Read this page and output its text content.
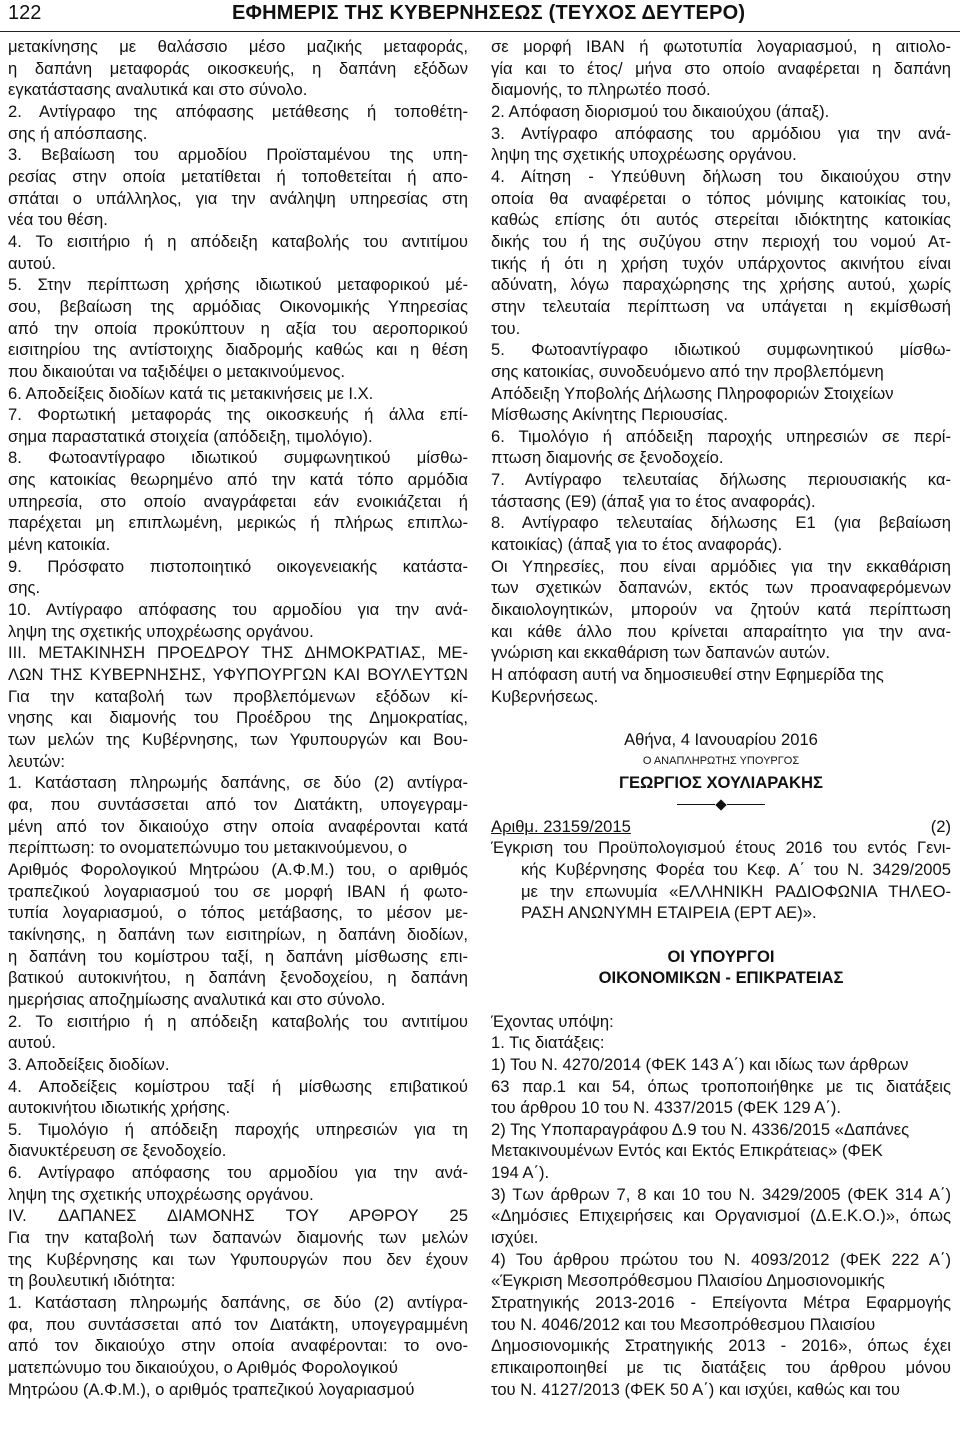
122	ΕΦΗΜΕΡΙΣ ΤΗΣ ΚΥΒΕΡΝΗΣΕΩΣ (ΤΕΥΧΟΣ ΔΕΥΤΕΡΟ)
μετακίνησης με θαλάσσιο μέσο μαζικής μεταφοράς,
η δαπάνη μεταφοράς οικοσκευής, η δαπάνη εξόδων
εγκατάστασης αναλυτικά και στο σύνολο.
2. Αντίγραφο της απόφασης μετάθεσης ή τοποθέτη-
σης ή απόσπασης.
3. Βεβαίωση του αρμοδίου Προϊσταμένου της υπη-
ρεσίας στην οποία μετατίθεται ή τοποθετείται ή απο-
σπάται ο υπάλληλος, για την ανάληψη υπηρεσίας στη
νέα του θέση.
4. Το εισιτήριο ή η απόδειξη καταβολής του αντιτίμου
αυτού.
5. Στην περίπτωση χρήσης ιδιωτικού μεταφορικού μέ-
σου, βεβαίωση της αρμόδιας Οικονομικής Υπηρεσίας
από την οποία προκύπτουν η αξία του αεροπορικού
εισιτηρίου της αντίστοιχης διαδρομής καθώς και η θέση
που δικαιούται να ταξιδέψει ο μετακινούμενος.
6. Αποδείξεις διοδίων κατά τις μετακινήσεις με Ι.Χ.
7. Φορτωτική μεταφοράς της οικοσκευής ή άλλα επί-
σημα παραστατικά στοιχεία (απόδειξη, τιμολόγιο).
8. Φωτοαντίγραφο ιδιωτικού συμφωνητικού μίσθω-
σης κατοικίας θεωρημένο από την κατά τόπο αρμόδια
υπηρεσία, στο οποίο αναγράφεται εάν ενοικιάζεται ή
παρέχεται μη επιπλωμένη, μερικώς ή πλήρως επιπλω-
μένη κατοικία.
9. Πρόσφατο πιστοποιητικό οικογενειακής κατάστα-
σης.
10. Αντίγραφο απόφασης του αρμοδίου για την ανά-
ληψη της σχετικής υποχρέωσης οργάνου.
ΙΙΙ. ΜΕΤΑΚΙΝΗΣΗ ΠΡΟΕΔΡΟΥ ΤΗΣ ΔΗΜΟΚΡΑΤΙΑΣ, ΜΕ-
ΛΩΝ ΤΗΣ ΚΥΒΕΡΝΗΣΗΣ, ΥΦΥΠΟΥΡΓΩΝ ΚΑΙ ΒΟΥΛΕΥΤΩΝ
Για την καταβολή των προβλεπόμενων εξόδων κί-
νησης και διαμονής του Προέδρου της Δημοκρατίας,
των μελών της Κυβέρνησης, των Υφυπουργών και Βου-
λευτών:
1. Κατάσταση πληρωμής δαπάνης, σε δύο (2) αντίγρα-
φα, που συντάσσεται από τον Διατάκτη, υπογεγραμ-
μένη από τον δικαιούχο στην οποία αναφέρονται κατά
περίπτωση: το ονοματεπώνυμο του μετακινούμενου, ο
Αριθμός Φορολογικού Μητρώου (Α.Φ.Μ.) του, ο αριθμός
τραπεζικού λογαριασμού του σε μορφή ΙΒΑΝ ή φωτο-
τυπία λογαριασμού, ο τόπος μετάβασης, το μέσον με-
τακίνησης, η δαπάνη των εισιτηρίων, η δαπάνη διοδίων,
η δαπάνη του κομίστρου ταξί, η δαπάνη μίσθωσης επι-
βατικού αυτοκινήτου, η δαπάνη ξενοδοχείου, η δαπάνη
ημερήσιας αποζημίωσης αναλυτικά και στο σύνολο.
2. Το εισιτήριο ή η απόδειξη καταβολής του αντιτίμου
αυτού.
3. Αποδείξεις διοδίων.
4. Αποδείξεις κομίστρου ταξί ή μίσθωσης επιβατικού
αυτοκινήτου ιδιωτικής χρήσης.
5. Τιμολόγιο ή απόδειξη παροχής υπηρεσιών για τη
διανυκτέρευση σε ξενοδοχείο.
6. Αντίγραφο απόφασης του αρμοδίου για την ανά-
ληψη της σχετικής υποχρέωσης οργάνου.
ΙV. ΔΑΠΑΝΕΣ ΔΙΑΜΟΝΗΣ ΤΟΥ ΑΡΘΡΟΥ 25
Για την καταβολή των δαπανών διαμονής των μελών
της Κυβέρνησης και των Υφυπουργών που δεν έχουν
τη βουλευτική ιδιότητα:
1. Κατάσταση πληρωμής δαπάνης, σε δύο (2) αντίγρα-
φα, που συντάσσεται από τον Διατάκτη, υπογεγραμμένη
από τον δικαιούχο στην οποία αναφέρονται: το ονο-
ματεπώνυμο του δικαιούχου, ο Αριθμός Φορολογικού
Μητρώου (Α.Φ.Μ.), ο αριθμός τραπεζικού λογαριασμού
σε μορφή ΙΒΑΝ ή φωτοτυπία λογαριασμού, η αιτιολο-
γία και το έτος/ μήνα στο οποίο αναφέρεται η δαπάνη
διαμονής, το πληρωτέο ποσό.
2. Απόφαση διορισμού του δικαιούχου (άπαξ).
3. Αντίγραφο απόφασης του αρμόδιου για την ανά-
ληψη της σχετικής υποχρέωσης οργάνου.
4. Αίτηση - Υπεύθυνη δήλωση του δικαιούχου στην
οποία θα αναφέρεται ο τόπος μόνιμης κατοικίας του,
καθώς επίσης ότι αυτός στερείται ιδιόκτητης κατοικίας
δικής του ή της συζύγου στην περιοχή του νομού Ατ-
τικής ή ότι η χρήση τυχόν υπάρχοντος ακινήτου είναι
αδύνατη, λόγω παραχώρησης της χρήσης αυτού, χωρίς
στην τελευταία περίπτωση να υπάγεται η εκμίσθωσή
του.
5. Φωτοαντίγραφο ιδιωτικού συμφωνητικού μίσθω-
σης κατοικίας, συνοδευόμενο από την προβλεπόμενη
Απόδειξη Υποβολής Δήλωσης Πληροφοριών Στοιχείων
Μίσθωσης Ακίνητης Περιουσίας.
6. Τιμολόγιο ή απόδειξη παροχής υπηρεσιών σε περί-
πτωση διαμονής σε ξενοδοχείο.
7. Αντίγραφο τελευταίας δήλωσης περιουσιακής κα-
τάστασης (Ε9) (άπαξ για το έτος αναφοράς).
8. Αντίγραφο τελευταίας δήλωσης Ε1 (για βεβαίωση
κατοικίας) (άπαξ για το έτος αναφοράς).
Οι Υπηρεσίες, που είναι αρμόδιες για την εκκαθάριση
των σχετικών δαπανών, εκτός των προαναφερόμενων
δικαιολογητικών, μπορούν να ζητούν κατά περίπτωση
και κάθε άλλο που κρίνεται απαραίτητο για την ανα-
γνώριση και εκκαθάριση των δαπανών αυτών.
Η απόφαση αυτή να δημοσιευθεί στην Εφημερίδα της
Κυβερνήσεως.
Αθήνα, 4 Ιανουαρίου 2016
Ο ΑΝΑΠΛΗΡΩΤΗΣ ΥΠΟΥΡΓΟΣ
ΓΕΩΡΓΙΟΣ ΧΟΥΛΙΑΡΑΚΗΣ
Αριθμ. 23159/2015	(2)
Έγκριση του Προϋπολογισμού έτους 2016 του εντός Γενι-
κής Κυβέρνησης Φορέα του Κεφ. Α΄ του Ν. 3429/2005
με την επωνυμία «ΕΛΛΗΝΙΚΗ ΡΑΔΙΟΦΩΝΙΑ ΤΗΛΕΟ-
ΡΑΣΗ ΑΝΩΝΥΜΗ ΕΤΑΙΡΕΙΑ (ΕΡΤ ΑΕ)».
ΟΙ ΥΠΟΥΡΓΟΙ
ΟΙΚΟΝΟΜΙΚΩΝ - ΕΠΙΚΡΑΤΕΙΑΣ
Έχοντας υπόψη:
1. Τις διατάξεις:
1) Του Ν. 4270/2014 (ΦΕΚ 143 Α΄) και ιδίως των άρθρων
63 παρ.1 και 54, όπως τροποποιήθηκε με τις διατάξεις
του άρθρου 10 του Ν. 4337/2015 (ΦΕΚ 129 Α΄).
2) Της Υποπαραγράφου Δ.9 του Ν. 4336/2015 «Δαπάνες
Μετακινουμένων Εντός και Εκτός Επικράτειας» (ΦΕΚ
194 Α΄).
3) Των άρθρων 7, 8 και 10 του Ν. 3429/2005 (ΦΕΚ 314 Α΄)
«Δημόσιες Επιχειρήσεις και Οργανισμοί (Δ.Ε.Κ.Ο.)», όπως
ισχύει.
4) Του άρθρου πρώτου του Ν. 4093/2012 (ΦΕΚ 222 Α΄)
«Έγκριση Μεσοπρόθεσμου Πλαισίου Δημοσιονομικής
Στρατηγικής 2013-2016 - Επείγοντα Μέτρα Εφαρμογής
του Ν. 4046/2012 και του Μεσοπρόθεσμου Πλαισίου
Δημοσιονομικής Στρατηγικής 2013 - 2016», όπως έχει
επικαιροποιηθεί με τις διατάξεις του άρθρου μόνου
του Ν. 4127/2013 (ΦΕΚ 50 Α΄) και ισχύει, καθώς και του
